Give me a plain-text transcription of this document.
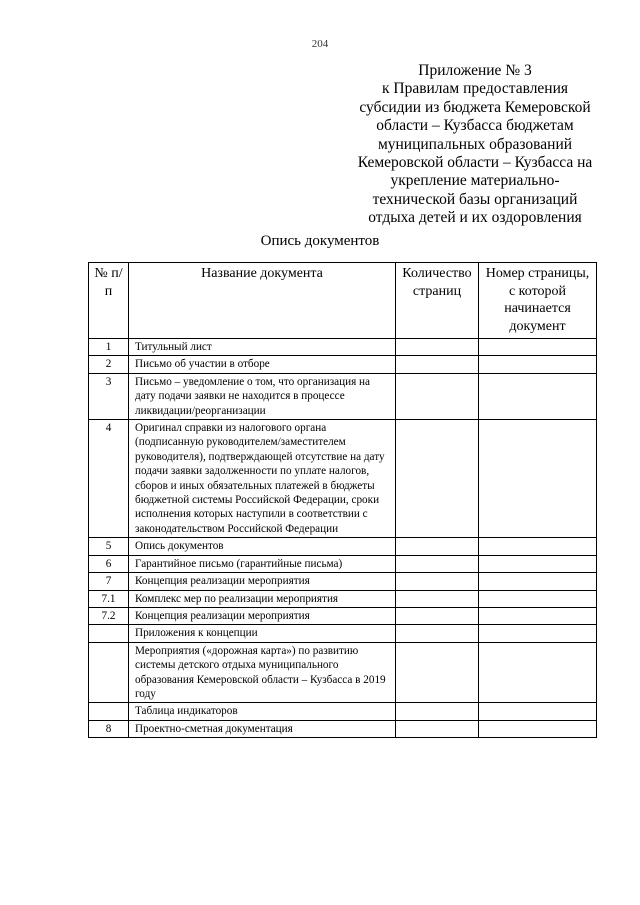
204
Приложение № 3
к Правилам предоставления
субсидии из бюджета Кемеровской
области – Кузбасса бюджетам
муниципальных образований
Кемеровской области – Кузбасса на
укрепление материально-
технической базы организаций
отдыха детей и их оздоровления
Опись документов
№ п/п	Название документа	Количество страниц	Номер страницы, с которой начинается документ
1	Титульный лист		
2	Письмо об участии в отборе		
3	Письмо – уведомление о том, что организация на дату подачи заявки не находится в процессе ликвидации/реорганизации		
4	Оригинал справки из налогового органа (подписанную руководителем/заместителем руководителя), подтверждающей отсутствие на дату подачи заявки задолженности по уплате налогов, сборов и иных обязательных платежей в бюджеты бюджетной системы Российской Федерации, сроки исполнения которых наступили в соответствии с законодательством Российской Федерации		
5	Опись документов		
6	Гарантийное письмо (гарантийные письма)		
7	Концепция реализации мероприятия		
7.1	Комплекс мер по реализации мероприятия		
7.2	Концепция реализации мероприятия		
	Приложения к концепции		
	Мероприятия («дорожная карта») по развитию системы детского отдыха муниципального образования Кемеровской области – Кузбасса в 2019 году		
	Таблица индикаторов		
8	Проектно-сметная документация		
